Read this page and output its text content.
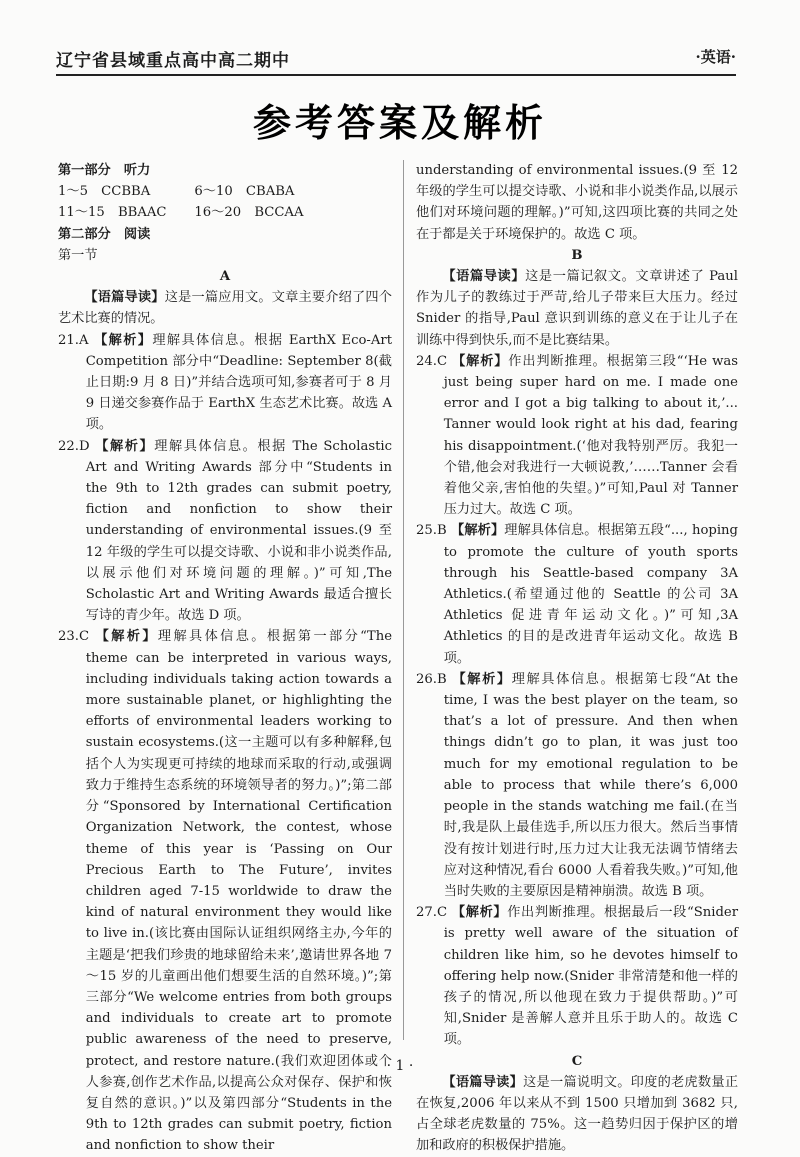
辽宁省县域重点高中高二期中	·英语·
参考答案及解析

第一部分　听力

1～5　 CCBBA　　	6～10　 CBABA

11～15　 BBAAC　　 16～20　 BCCAA

第二部分　阅读

第一节

A

【语篇导读】这是一篇应用文。文章主要介绍了四个艺术比赛的情况。

21.A 【解析】理解具体信息。根据 EarthX Eco-Art Competition 部分中“Deadline: September 8(截止日期:9 月 8 日)”并结合选项可知,参赛者可于 8 月 9 日递交参赛作品于 EarthX 生态艺术比赛。故选 A 项。

22.D 【解析】理解具体信息。根据 The Scholastic Art and Writing Awards 部分中“Students in the 9th to 12th grades can submit poetry, fiction and nonfiction to show their understanding of environmental issues.(9 至 12 年级的学生可以提交诗歌、小说和非小说类作品,以展示他们对环境问题的理解。)”可知,The Scholastic Art and Writing Awards 最适合擅长写诗的青少年。故选 D 项。

23.C 【解析】理解具体信息。根据第一部分“The theme can be interpreted in various ways, including individuals taking action towards a more sustainable planet, or highlighting the efforts of environmental leaders working to sustain ecosystems.(这一主题可以有多种解释,包括个人为实现更可持续的地球而采取的行动,或强调致力于维持生态系统的环境领导者的努力。)”;第二部分“Sponsored by International Certification Organization Network, the contest, whose theme of this year is ‘Passing on Our Precious Earth to The Future’, invites children aged 7-15 worldwide to draw the kind of natural environment they would like to live in.(该比赛由国际认证组织网络主办,今年的主题是‘把我们珍贵的地球留给未来’,邀请世界各地 7～15 岁的儿童画出他们想要生活的自然环境。)”;第三部分“We welcome entries from both groups and individuals to create art to promote public awareness of the need to preserve, protect, and restore nature.(我们欢迎团体或个人参赛,创作艺术作品,以提高公众对保存、保护和恢复自然的意识。)”以及第四部分“Students in the 9th to 12th grades can submit poetry, fiction and nonfiction to show their

understanding of environmental issues.(9 至 12 年级的学生可以提交诗歌、小说和非小说类作品,以展示他们对环境问题的理解。)”可知,这四项比赛的共同之处在于都是关于环境保护的。故选 C 项。

B

【语篇导读】这是一篇记叙文。文章讲述了 Paul 作为儿子的教练过于严苛,给儿子带来巨大压力。经过 Snider 的指导,Paul 意识到训练的意义在于让儿子在训练中得到快乐,而不是比赛结果。

24.C 【解析】作出判断推理。根据第三段“‘He was just being super hard on me. I made one error and I got a big talking to about it,’... Tanner would look right at his dad, fearing his disappointment.(‘他对我特别严厉。我犯一个错,他会对我进行一大顿说教,’……Tanner 会看着他父亲,害怕他的失望。)”可知,Paul 对 Tanner 压力过大。故选 C 项。

25.B 【解析】理解具体信息。根据第五段“..., hoping to promote the culture of youth sports through his Seattle-based company 3A Athletics.(希望通过他的 Seattle 的公司 3A Athletics 促进青年运动文化。)”可知,3A Athletics 的目的是改进青年运动文化。故选 B 项。

26.B 【解析】理解具体信息。根据第七段“At the time, I was the best player on the team, so that’s a lot of pressure. And then when things didn’t go to plan, it was just too much for my emotional regulation to be able to process that while there’s 6,000 people in the stands watching me fail.(在当时,我是队上最佳选手,所以压力很大。然后当事情没有按计划进行时,压力过大让我无法调节情绪去应对这种情况,看台 6000 人看着我失败。)”可知,他当时失败的主要原因是精神崩溃。故选 B 项。

27.C 【解析】作出判断推理。根据最后一段“Snider is pretty well aware of the situation of children like him, so he devotes himself to offering help now.(Snider 非常清楚和他一样的孩子的情况,所以他现在致力于提供帮助。)”可知,Snider 是善解人意并且乐于助人的。故选 C 项。

C

【语篇导读】这是一篇说明文。印度的老虎数量正在恢复,2006 年以来从不到 1500 只增加到 3682 只,占全球老虎数量的 75%。这一趋势归因于保护区的增加和政府的积极保护措施。

· 1 ·
